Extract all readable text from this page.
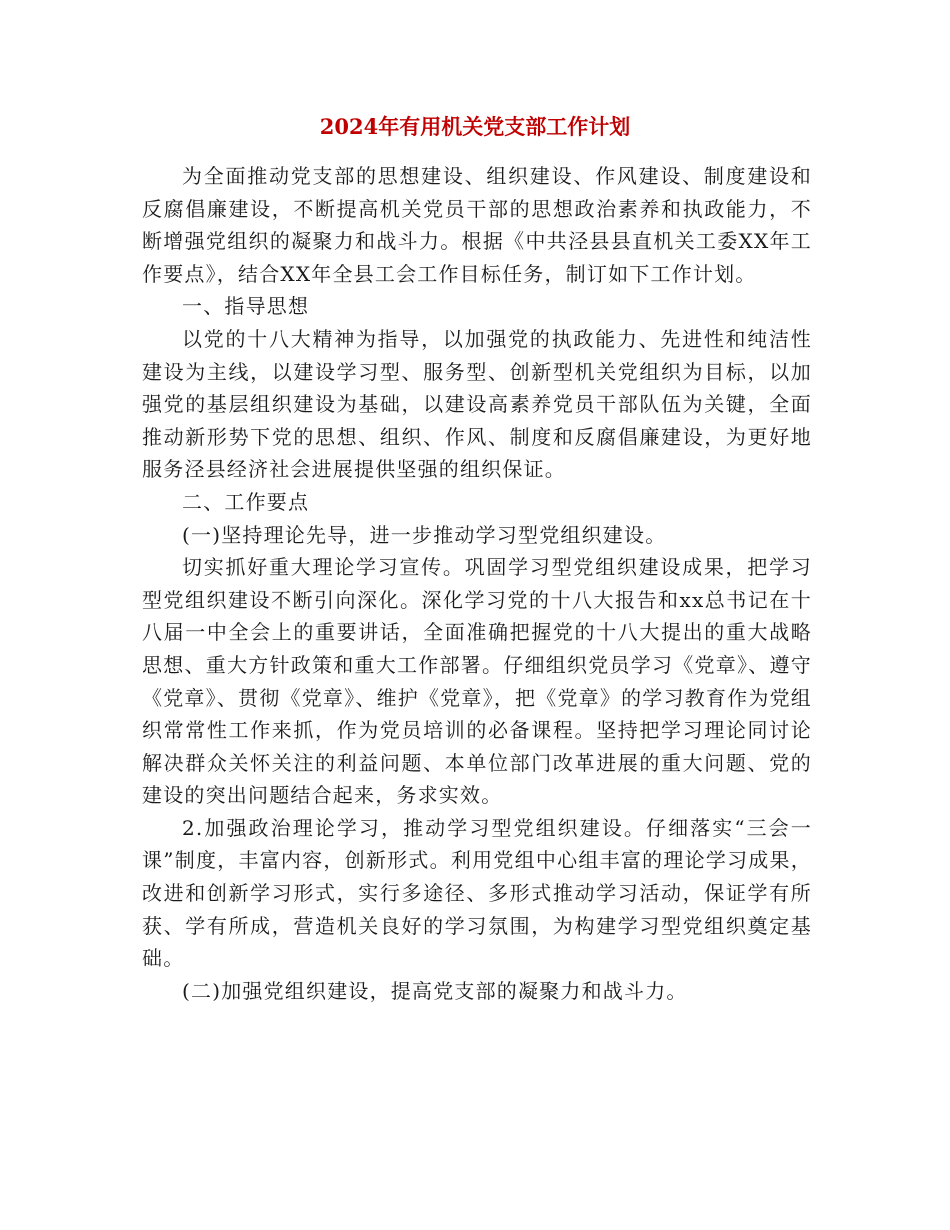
2024年有用机关党支部工作计划

为全面推动党支部的思想建设、组织建设、作风建设、制度建设和反腐倡廉建设，不断提高机关党员干部的思想政治素养和执政能力，不断增强党组织的凝聚力和战斗力。根据《中共泾县县直机关工委XX年工作要点》，结合XX年全县工会工作目标任务，制订如下工作计划。

一、指导思想

以党的十八大精神为指导，以加强党的执政能力、先进性和纯洁性建设为主线，以建设学习型、服务型、创新型机关党组织为目标，以加强党的基层组织建设为基础，以建设高素养党员干部队伍为关键，全面推动新形势下党的思想、组织、作风、制度和反腐倡廉建设，为更好地服务泾县经济社会进展提供坚强的组织保证。

二、工作要点

(一)坚持理论先导，进一步推动学习型党组织建设。

切实抓好重大理论学习宣传。巩固学习型党组织建设成果，把学习型党组织建设不断引向深化。深化学习党的十八大报告和xx总书记在十八届一中全会上的重要讲话，全面准确把握党的十八大提出的重大战略思想、重大方针政策和重大工作部署。仔细组织党员学习《党章》、遵守《党章》、贯彻《党章》、维护《党章》，把《党章》的学习教育作为党组织常常性工作来抓，作为党员培训的必备课程。坚持把学习理论同讨论解决群众关怀关注的利益问题、本单位部门改革进展的重大问题、党的建设的突出问题结合起来，务求实效。

2.加强政治理论学习，推动学习型党组织建设。仔细落实“三会一课”制度，丰富内容，创新形式。利用党组中心组丰富的理论学习成果，改进和创新学习形式，实行多途径、多形式推动学习活动，保证学有所获、学有所成，营造机关良好的学习氛围，为构建学习型党组织奠定基础。

(二)加强党组织建设，提高党支部的凝聚力和战斗力。
